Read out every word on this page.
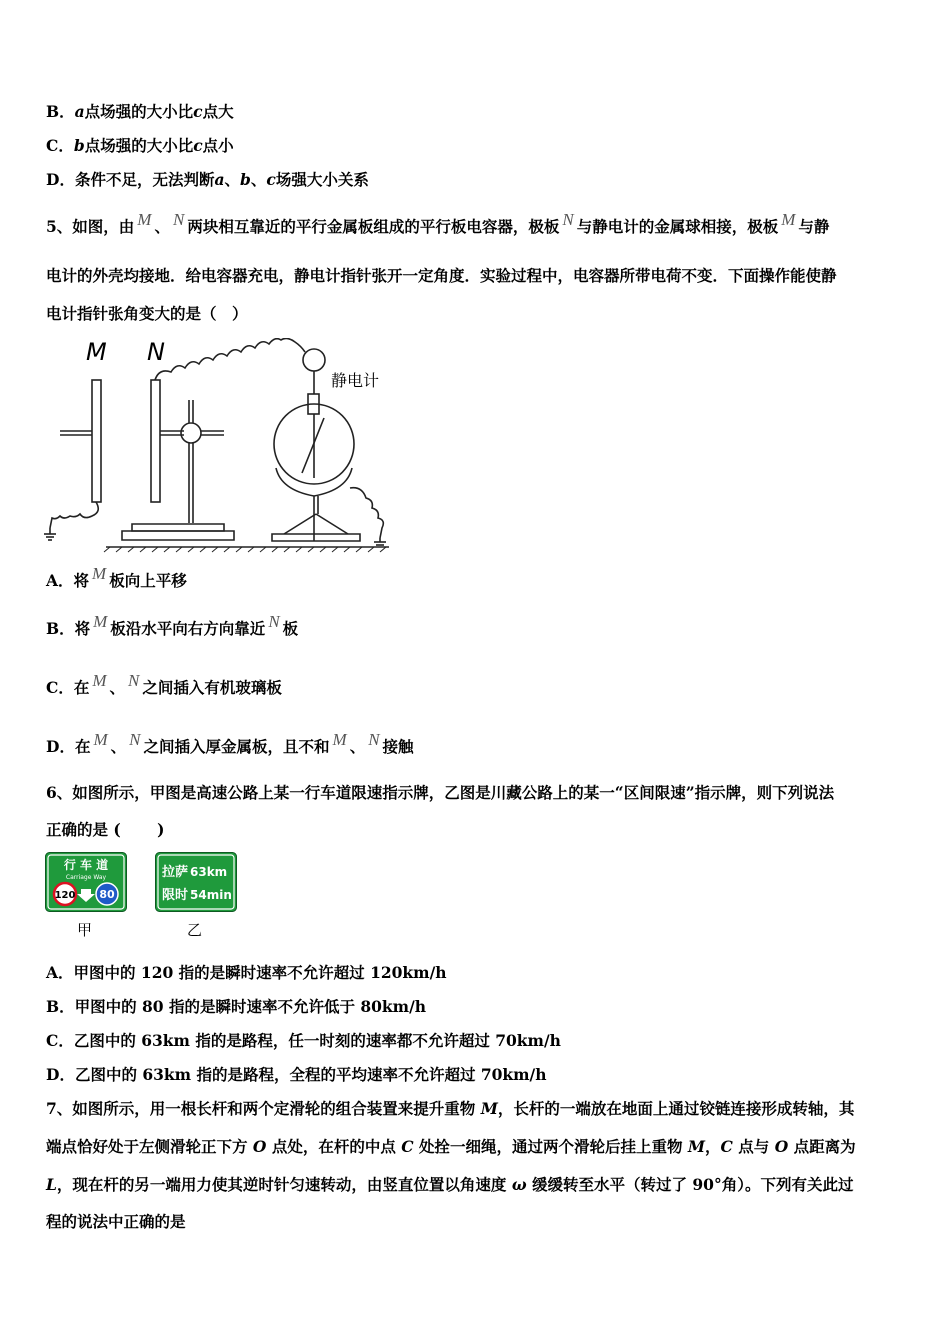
B．a点场强的大小比c点大
C．b点场强的大小比c点小
D．条件不足，无法判断a、b、c场强大小关系
5、如图，由 M 、 N 两块相互靠近的平行金属板组成的平行板电容器，极板 N 与静电计的金属球相接，极板 M 与静
电计的外壳均接地．给电容器充电，静电计指针张开一定角度．实验过程中，电容器所带电荷不变．下面操作能使静
电计指针张角变大的是（　）
M N
静电计
A．将 M 板向上平移
B．将 M 板沿水平向右方向靠近 N 板
C．在 M 、 N 之间插入有机玻璃板
D．在 M 、 N 之间插入厚金属板，且不和 M 、 N 接触
6、如图所示，甲图是高速公路上某一行车道限速指示牌，乙图是川藏公路上的某一“区间限速”指示牌，则下列说法
正确的是 (　　 )
行 车 道
Carriage Way
120 80
甲
拉萨 63km
限时 54min
乙
A．甲图中的 120 指的是瞬时速率不允许超过 120km/h
B．甲图中的 80 指的是瞬时速率不允许低于 80km/h
C．乙图中的 63km 指的是路程，任一时刻的速率都不允许超过 70km/h
D．乙图中的 63km 指的是路程，全程的平均速率不允许超过 70km/h
7、如图所示，用一根长杆和两个定滑轮的组合装置来提升重物 M，长杆的一端放在地面上通过铰链连接形成转轴，其
端点恰好处于左侧滑轮正下方 O 点处，在杆的中点 C 处拴一细绳，通过两个滑轮后挂上重物 M，C 点与 O 点距离为
L，现在杆的另一端用力使其逆时针匀速转动，由竖直位置以角速度 ω 缓缓转至水平（转过了 90°角）。下列有关此过
程的说法中正确的是
